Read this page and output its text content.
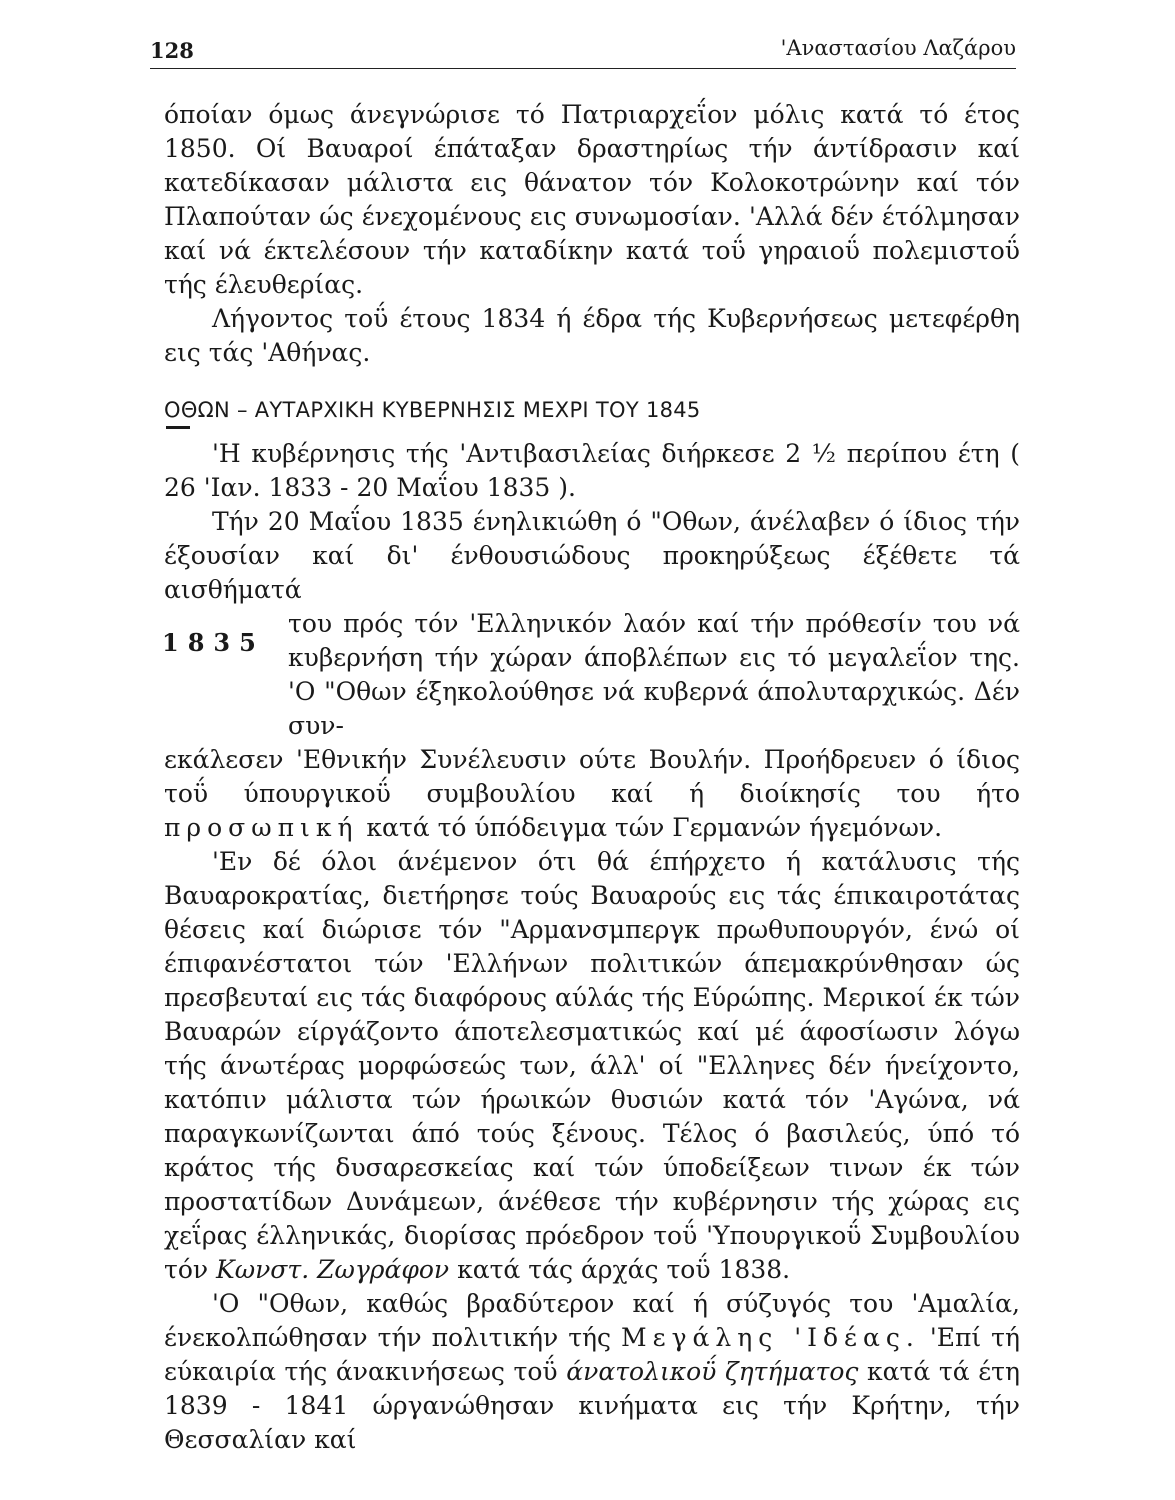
128	'Αναστασίου Λαζάρου

όποίαν όμως άνεγνώρισε τό Πατριαρχεΐον μόλις κατά τό έτος 1850. Οί Βαυαροί έπάταξαν δραστηρίως τήν άντίδρασιν καί κατεδίκασαν μάλιστα εις θάνατον τόν Κολοκοτρώνην καί τόν Πλαπούταν ώς ένεχομένους εις συνωμοσίαν. 'Αλλά δέν έτόλμησαν καί νά έκτελέσουν τήν καταδίκην κατά τοΰ γηραιοΰ πολεμιστοΰ τής έλευθερίας.

Λήγοντος τοΰ έτους 1834 ή έδρα τής Κυβερνήσεως μετεφέρθη εις τάς 'Αθήνας.

ΟΘΩΝ – ΑΥΤΑΡΧΙΚΗ ΚΥΒΕΡΝΗΣΙΣ ΜΕΧΡΙ ΤΟΥ 1845
1835

'Η κυβέρνησις τής 'Αντιβασιλείας διήρκεσε 2 ½ περίπου έτη ( 26 'Ιαν. 1833 - 20 Μαΐου 1835 ).

Τήν 20 Μαΐου 1835 ένηλικιώθη ό "Οθων, άνέλαβεν ό ίδιος τήν έξουσίαν καί δι' ένθουσιώδους προκηρύξεως έξέθετε τά αισθήματά

του πρός τόν 'Ελληνικόν λαόν καί τήν πρόθεσίν του νά κυβερνήση τήν χώραν άποβλέπων εις τό μεγαλεΐον της. 'Ο "Οθων έξηκολούθησε νά κυβερνά άπολυταρχικώς. Δέν συν-

εκάλεσεν 'Εθνικήν Συνέλευσιν ούτε Βουλήν. Προήδρευεν ό ίδιος τοΰ ύπουργικοΰ συμβουλίου καί ή διοίκησίς του ήτο προσωπική κατά τό ύπόδειγμα τών Γερμανών ήγεμόνων.

'Εν δέ όλοι άνέμενον ότι θά έπήρχετο ή κατάλυσις τής Βαυαροκρατίας, διετήρησε τούς Βαυαρούς εις τάς έπικαιροτάτας θέσεις καί διώρισε τόν "Αρμανσμπεργκ πρωθυπουργόν, ένώ οί έπιφανέστατοι τών 'Ελλήνων πολιτικών άπεμακρύνθησαν ώς πρεσβευταί εις τάς διαφόρους αύλάς τής Εύρώπης. Μερικοί έκ τών Βαυαρών είργάζοντο άποτελεσματικώς καί μέ άφοσίωσιν λόγω τής άνωτέρας μορφώσεώς των, άλλ' οί "Ελληνες δέν ήνείχοντο, κατόπιν μάλιστα τών ήρωικών θυσιών κατά τόν 'Αγώνα, νά παραγκωνίζωνται άπό τούς ξένους. Τέλος ό βασιλεύς, ύπό τό κράτος τής δυσαρεσκείας καί τών ύποδείξεων τινων έκ τών προστατίδων Δυνάμεων, άνέθεσε τήν κυβέρνησιν τής χώρας εις χεΐρας έλληνικάς, διορίσας πρόεδρον τοΰ 'Υπουργικοΰ Συμβουλίου τόν Κωνστ. Ζωγράφον κατά τάς άρχάς τοΰ 1838.

'Ο "Οθων, καθώς βραδύτερον καί ή σύζυγός του 'Αμαλία, ένεκολπώθησαν τήν πολιτικήν τής Μεγάλης 'Ιδέας. 'Επί τή εύκαιρία τής άνακινήσεως τοΰ άνατολικοΰ ζητήματος κατά τά έτη 1839 - 1841 ώργανώθησαν κινήματα εις τήν Κρήτην, τήν Θεσσαλίαν καί
